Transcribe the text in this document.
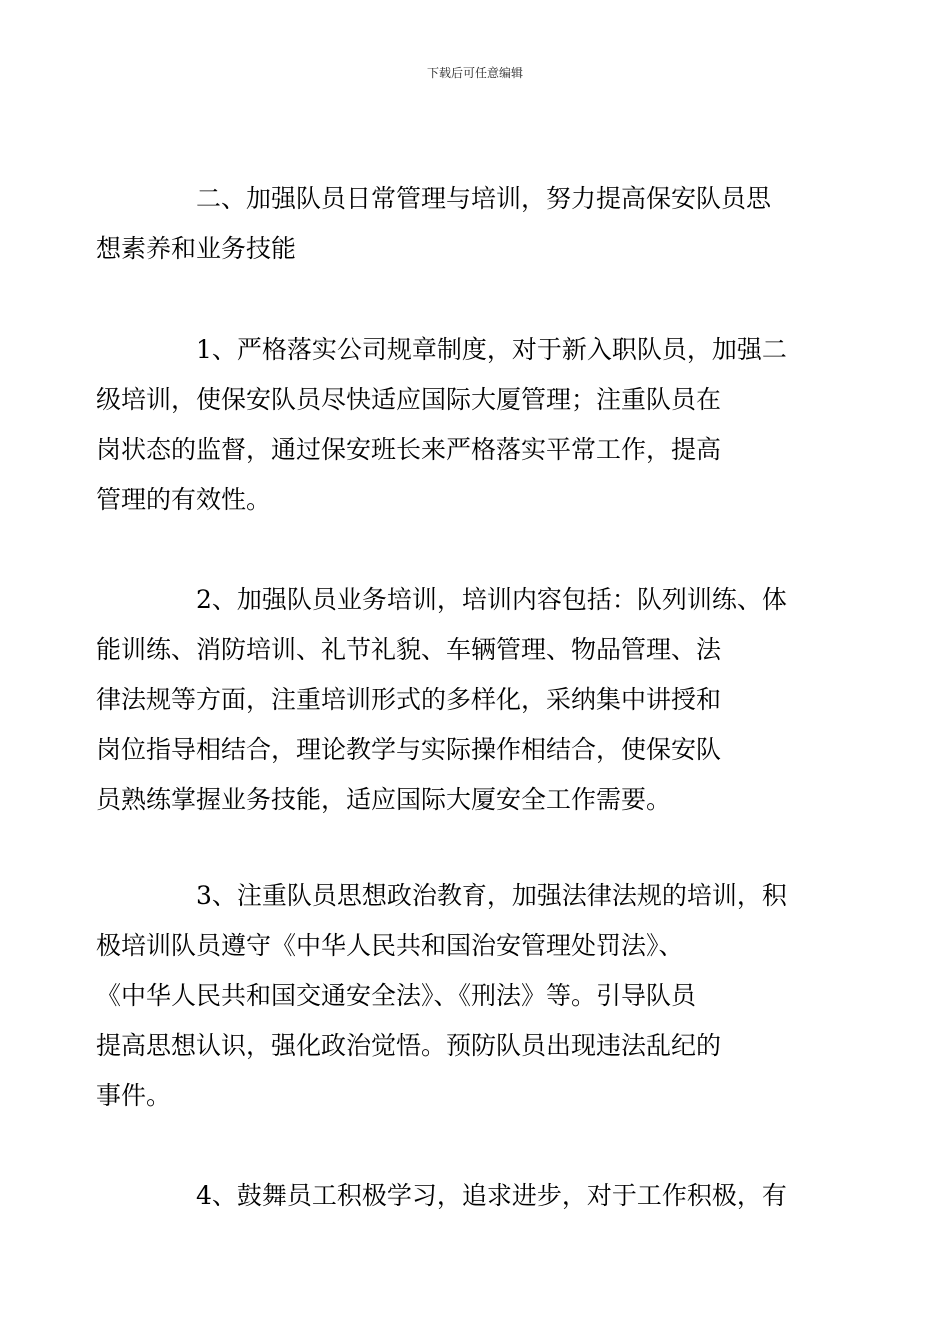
下载后可任意编辑

二、加强队员日常管理与培训，努力提高保安队员思
想素养和业务技能

1、严格落实公司规章制度，对于新入职队员，加强二
级培训，使保安队员尽快适应国际大厦管理；注重队员在
岗状态的监督，通过保安班长来严格落实平常工作，提高
管理的有效性。

2、加强队员业务培训，培训内容包括：队列训练、体
能训练、消防培训、礼节礼貌、车辆管理、物品管理、法
律法规等方面，注重培训形式的多样化，采纳集中讲授和
岗位指导相结合，理论教学与实际操作相结合，使保安队
员熟练掌握业务技能，适应国际大厦安全工作需要。

3、注重队员思想政治教育，加强法律法规的培训，积
极培训队员遵守《中华人民共和国治安管理处罚法》、
《中华人民共和国交通安全法》、《刑法》等。引导队员
提高思想认识，强化政治觉悟。预防队员出现违法乱纪的
事件。

4、鼓舞员工积极学习，追求进步，对于工作积极，有
